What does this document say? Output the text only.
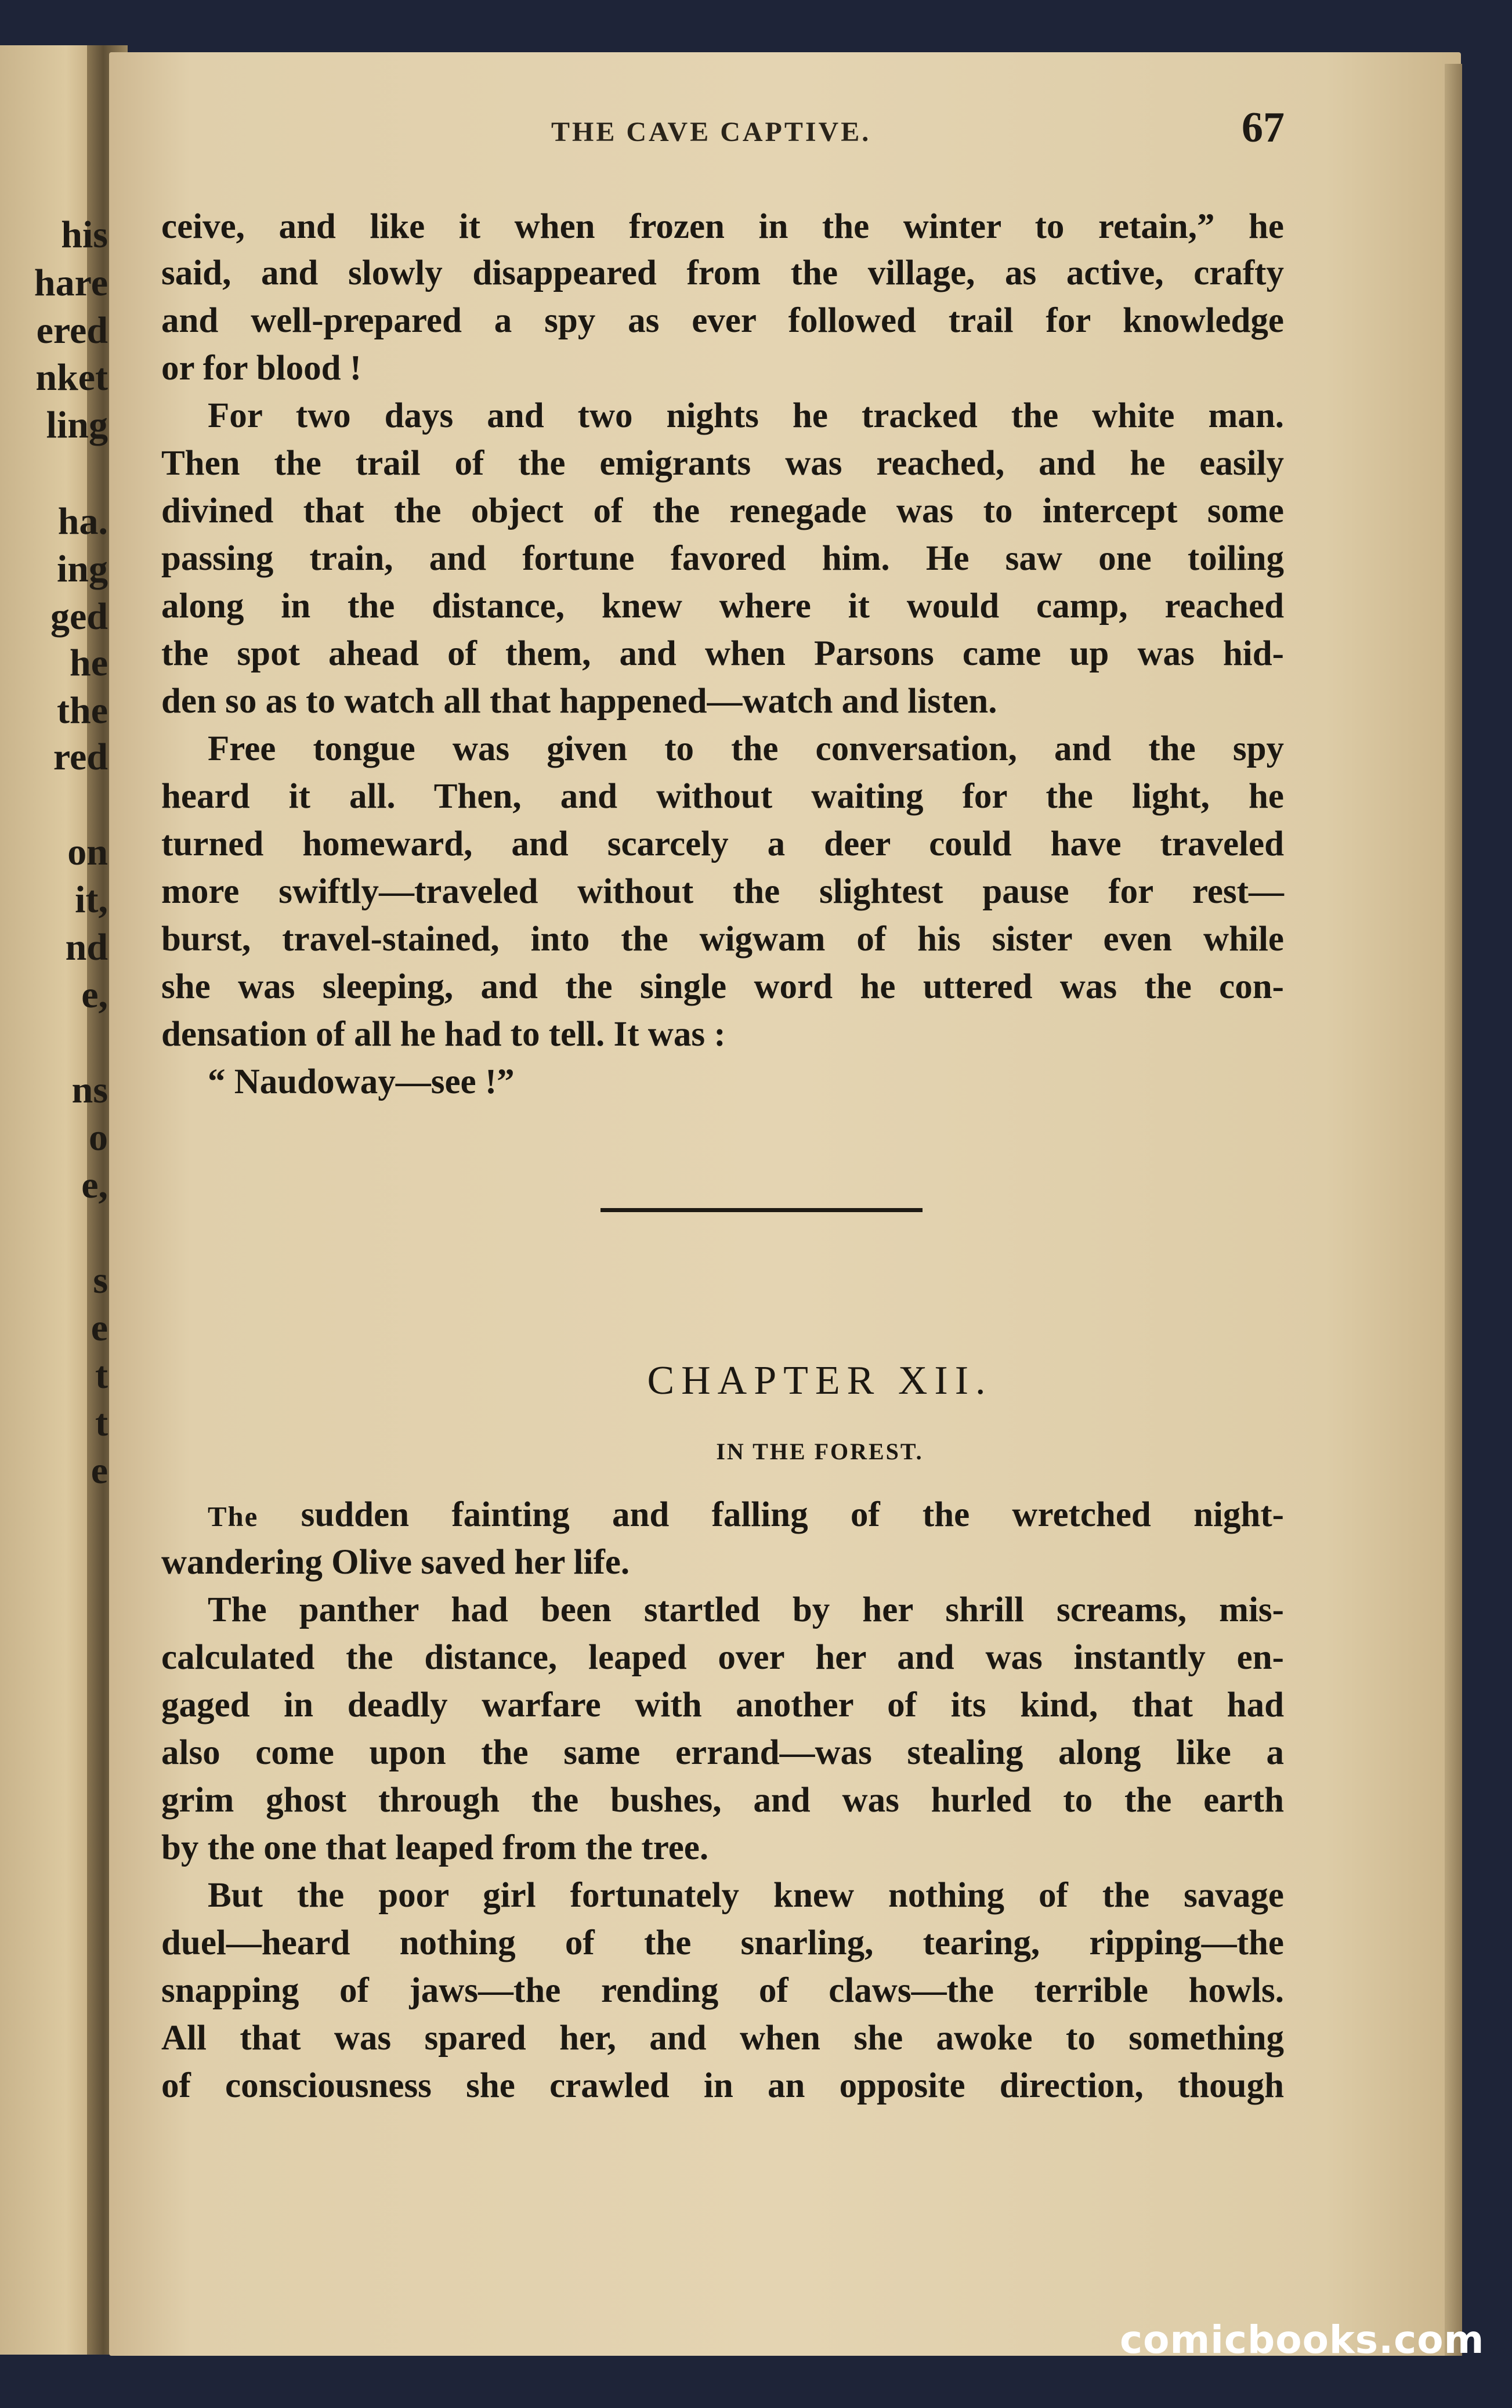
his
hare
ered
nket
ling
ha.
ing
ged
he
the
red
on
it,
nd
e,
ns
o
e,
s
e
t
t
e
THE CAVE CAPTIVE.	67
ceive, and like it when frozen in the winter to retain,” he
said, and slowly disappeared from the village, as active, crafty
and well-prepared a spy as ever followed trail for knowledge
or for blood !
For two days and two nights he tracked the white man.
Then the trail of the emigrants was reached, and he easily
divined that the object of the renegade was to intercept some
passing train, and fortune favored him. He saw one toiling
along in the distance, knew where it would camp, reached
the spot ahead of them, and when Parsons came up was hid-
den so as to watch all that happened—watch and listen.
Free tongue was given to the conversation, and the spy
heard it all. Then, and without waiting for the light, he
turned homeward, and scarcely a deer could have traveled
more swiftly—traveled without the slightest pause for rest—
burst, travel-stained, into the wigwam of his sister even while
she was sleeping, and the single word he uttered was the con-
densation of all he had to tell. It was :
“ Naudoway—see !”
CHAPTER XII.
IN THE FOREST.
The sudden fainting and falling of the wretched night-
wandering Olive saved her life.
The panther had been startled by her shrill screams, mis-
calculated the distance, leaped over her and was instantly en-
gaged in deadly warfare with another of its kind, that had
also come upon the same errand—was stealing along like a
grim ghost through the bushes, and was hurled to the earth
by the one that leaped from the tree.
But the poor girl fortunately knew nothing of the savage
duel—heard nothing of the snarling, tearing, ripping—the
snapping of jaws—the rending of claws—the terrible howls.
All that was spared her, and when she awoke to something
of consciousness she crawled in an opposite direction, though
comicbooks.com
